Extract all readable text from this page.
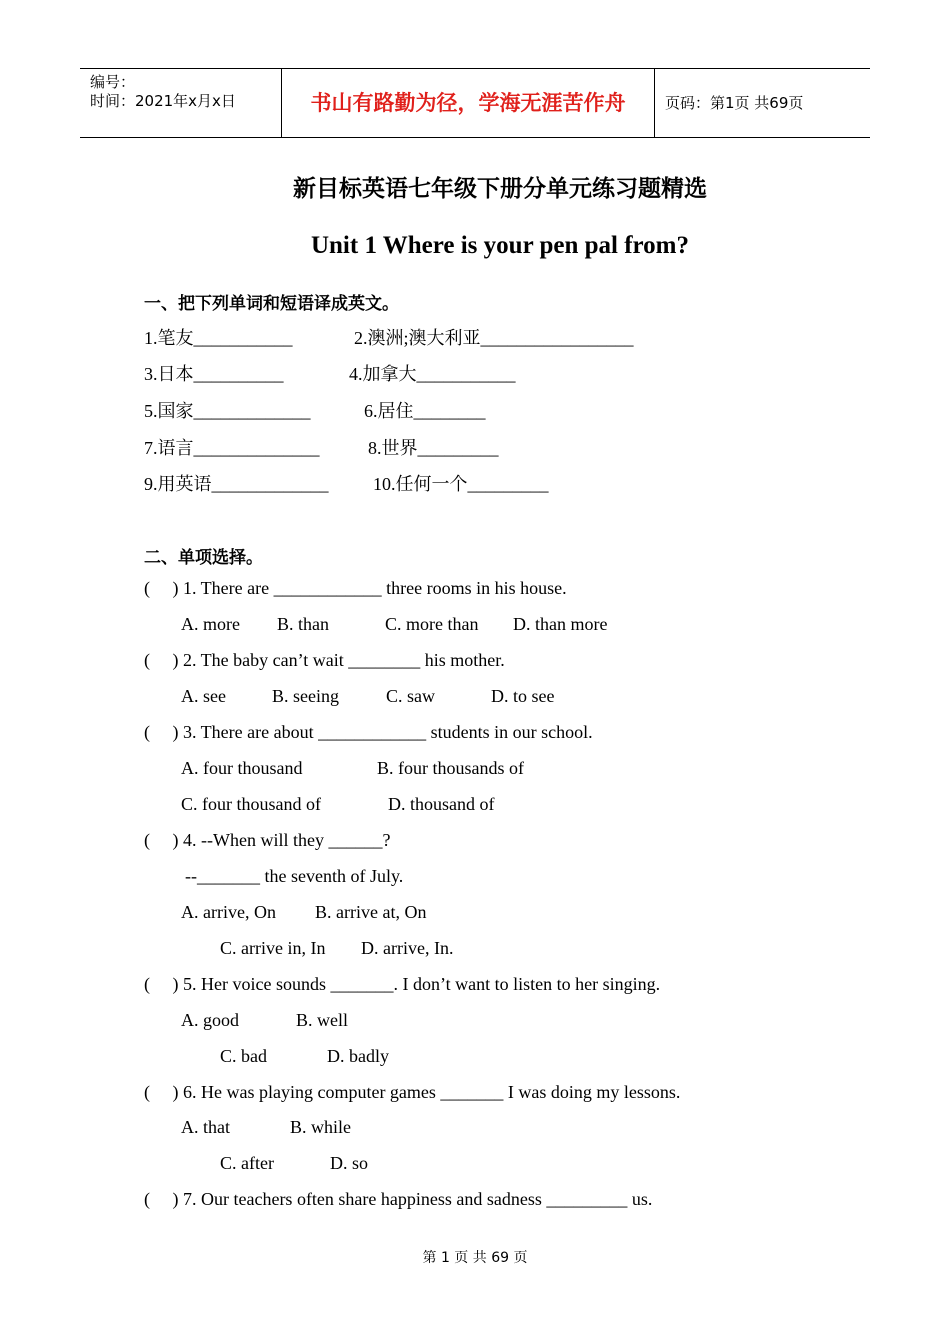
编号：
时间：2021年x月x日	书山有路勤为径，学海无涯苦作舟	页码：第1页 共69页
新目标英语七年级下册分单元练习题精选
Unit 1 Where is your pen pal from?
一、把下列单词和短语译成英文。
1.笔友___________	2.澳洲;澳大利亚_________________
3.日本__________	4.加拿大___________
5.国家_____________	6.居住________
7.语言______________	8.世界_________
9.用英语_____________ 10.任何一个_________
二、单项选择。
(     ) 1. There are ____________ three rooms in his house.
A. more B. than	C. more than D. than more
(     ) 2. The baby can’t wait ________ his mother.
A. see	B. seeing	C. saw	D. to see
(     ) 3. There are about ____________ students in our school.
A. four thousand	B. four thousands of
C. four thousand of	D. thousand of
(     ) 4. --When will they ______?
--_______ the seventh of July.
A. arrive, On B. arrive at, On
C. arrive in, In D. arrive, In.
(     ) 5. Her voice sounds _______. I don’t want to listen to her singing.
A. good	B. well
C. bad	D. badly
(     ) 6. He was playing computer games _______ I was doing my lessons.
A. that	B. while
C. after	D. so
(     ) 7. Our teachers often share happiness and sadness _________ us.
第 1 页 共 69 页
